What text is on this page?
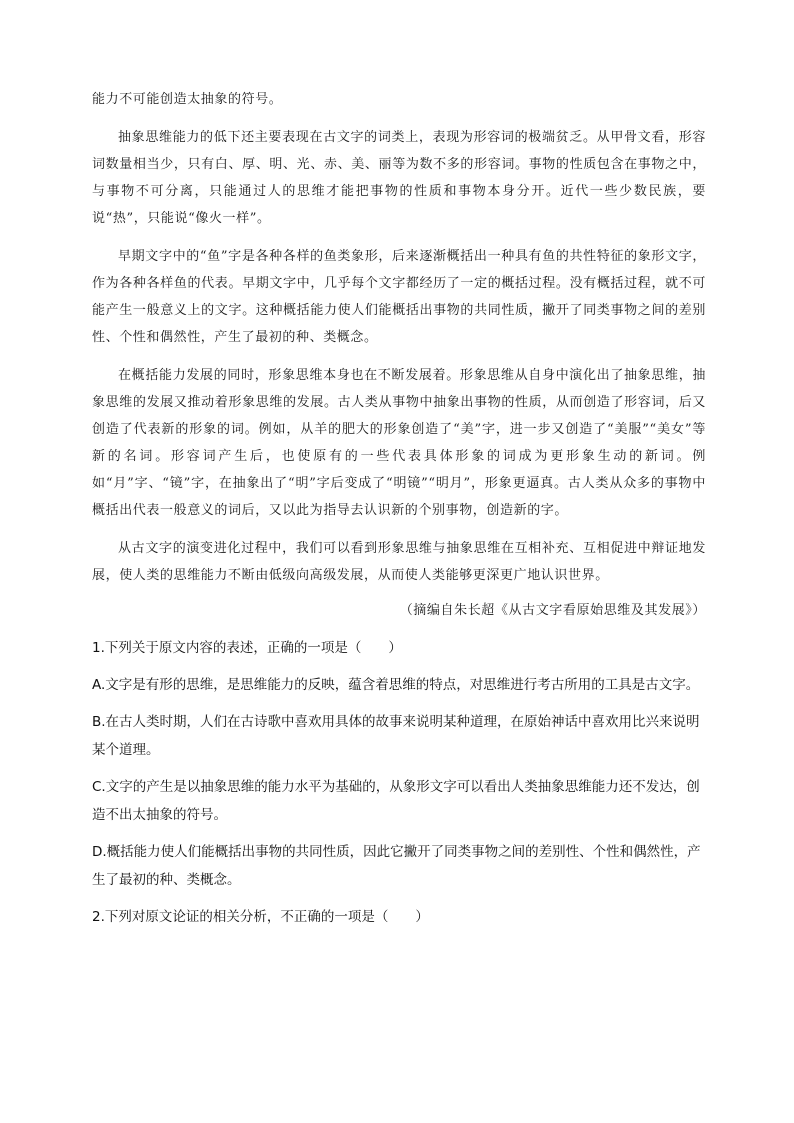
能力不可能创造太抽象的符号。

抽象思维能力的低下还主要表现在古文字的词类上，表现为形容词的极端贫乏。从甲骨文看，形容词数量相当少，只有白、厚、明、光、赤、美、丽等为数不多的形容词。事物的性质包含在事物之中，与事物不可分离，只能通过人的思维才能把事物的性质和事物本身分开。近代一些少数民族，要说“热”，只能说“像火一样”。

早期文字中的“鱼”字是各种各样的鱼类象形，后来逐渐概括出一种具有鱼的共性特征的象形文字，作为各种各样鱼的代表。早期文字中，几乎每个文字都经历了一定的概括过程。没有概括过程，就不可能产生一般意义上的文字。这种概括能力使人们能概括出事物的共同性质，撇开了同类事物之间的差别性、个性和偶然性，产生了最初的种、类概念。

在概括能力发展的同时，形象思维本身也在不断发展着。形象思维从自身中演化出了抽象思维，抽象思维的发展又推动着形象思维的发展。古人类从事物中抽象出事物的性质，从而创造了形容词，后又创造了代表新的形象的词。例如，从羊的肥大的形象创造了“美”字，进一步又创造了“美服”“美女”等新的名词。形容词产生后，也使原有的一些代表具体形象的词成为更形象生动的新词。例如“月”字、“镜”字，在抽象出了“明”字后变成了“明镜”“明月”，形象更逼真。古人类从众多的事物中概括出代表一般意义的词后，又以此为指导去认识新的个别事物，创造新的字。

从古文字的演变进化过程中，我们可以看到形象思维与抽象思维在互相补充、互相促进中辩证地发展，使人类的思维能力不断由低级向高级发展，从而使人类能够更深更广地认识世界。

（摘编自朱长超《从古文字看原始思维及其发展》）

1.下列关于原文内容的表述，正确的一项是（　　）

A.文字是有形的思维，是思维能力的反映，蕴含着思维的特点，对思维进行考古所用的工具是古文字。

B.在古人类时期，人们在古诗歌中喜欢用具体的故事来说明某种道理，在原始神话中喜欢用比兴来说明某个道理。

C.文字的产生是以抽象思维的能力水平为基础的，从象形文字可以看出人类抽象思维能力还不发达，创造不出太抽象的符号。

D.概括能力使人们能概括出事物的共同性质，因此它撇开了同类事物之间的差别性、个性和偶然性，产生了最初的种、类概念。

2.下列对原文论证的相关分析，不正确的一项是（　　）
